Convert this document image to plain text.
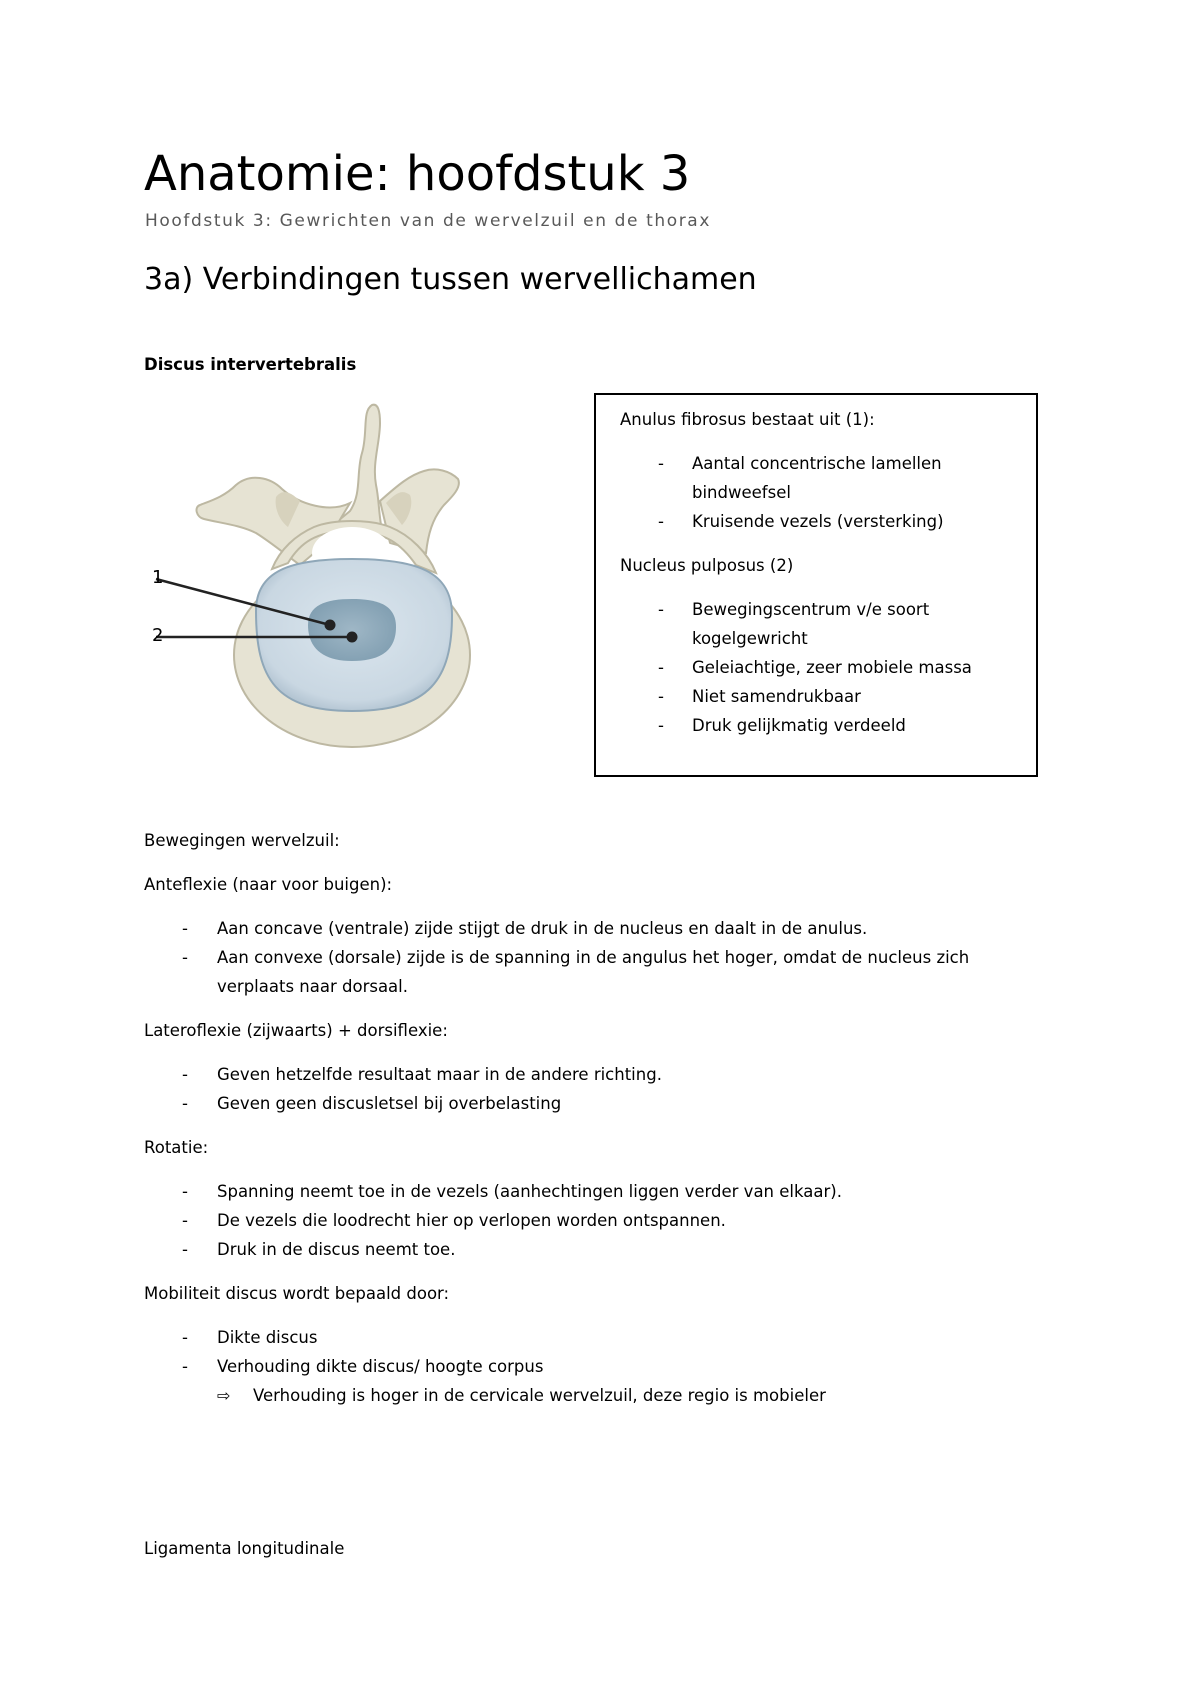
Anatomie: hoofdstuk 3
Hoofdstuk 3: Gewrichten van de wervelzuil en de thorax
3a) Verbindingen tussen wervellichamen
Discus intervertebralis
1
2
Anulus fibrosus bestaat uit (1):
- Aantal concentrische lamellen
bindweefsel
- Kruisende vezels (versterking)
Nucleus pulposus (2)
- Bewegingscentrum v/e soort
kogelgewricht
- Geleiachtige, zeer mobiele massa
- Niet samendrukbaar
- Druk gelijkmatig verdeeld
Bewegingen wervelzuil:
Anteflexie (naar voor buigen):
- Aan concave (ventrale) zijde stijgt de druk in de nucleus en daalt in de anulus.
- Aan convexe (dorsale) zijde is de spanning in de angulus het hoger, omdat de nucleus zich
verplaats naar dorsaal.
Lateroflexie (zijwaarts) + dorsiflexie:
- Geven hetzelfde resultaat maar in de andere richting.
- Geven geen discusletsel bij overbelasting
Rotatie:
- Spanning neemt toe in de vezels (aanhechtingen liggen verder van elkaar).
- De vezels die loodrecht hier op verlopen worden ontspannen.
- Druk in de discus neemt toe.
Mobiliteit discus wordt bepaald door:
- Dikte discus
- Verhouding dikte discus/ hoogte corpus
⇨ Verhouding is hoger in de cervicale wervelzuil, deze regio is mobieler
Ligamenta longitudinale
